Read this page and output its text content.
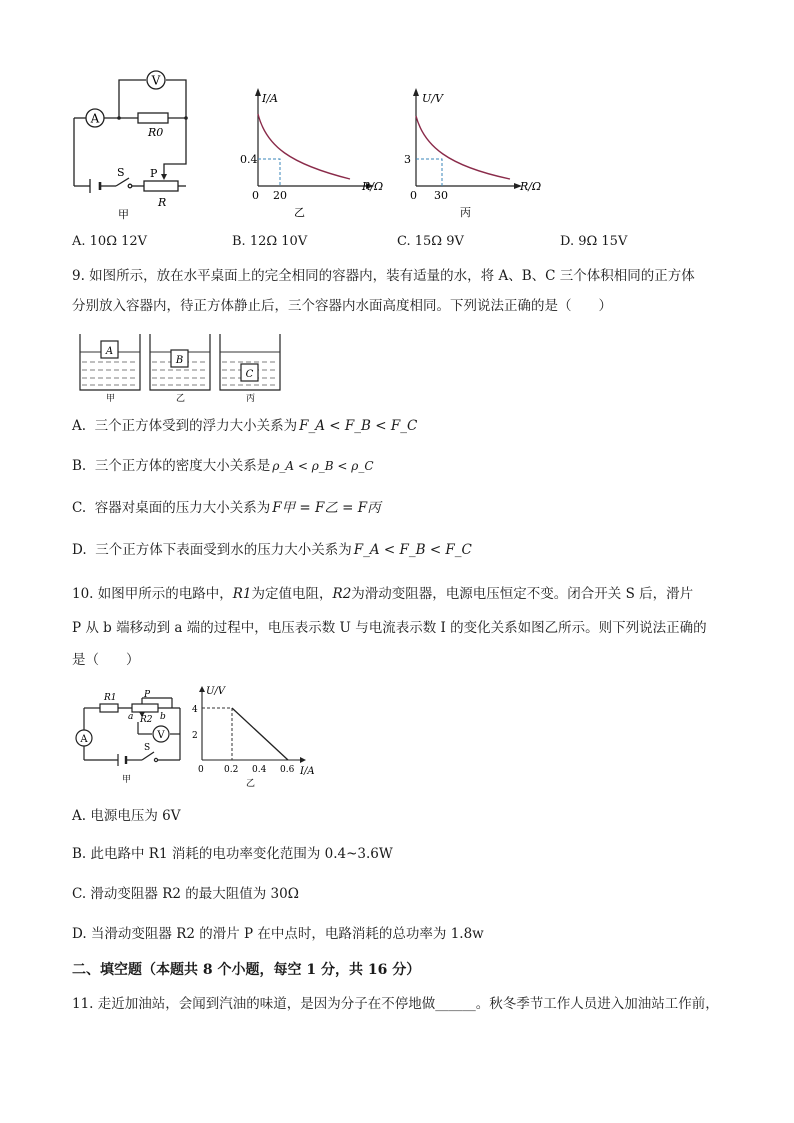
V
A
R0
S P
R
甲
I/A
R/Ω
0.4
0 20
乙
U/V
R/Ω
3
0 30
丙
A. 10Ω 12V	B. 12Ω 10V	C. 15Ω 9V	D. 9Ω 15V
9. 如图所示，放在水平桌面上的完全相同的容器内，装有适量的水，将 A、B、C 三个体积相同的正方体
分别放入容器内，待正方体静止后，三个容器内水面高度相同。下列说法正确的是（　　）
A
B
C
甲	乙	丙
A. 三个正方体受到的浮力大小关系为 F_A < F_B < F_C
B. 三个正方体的密度大小关系是 ρ_A < ρ_B < ρ_C
C. 容器对桌面的压力大小关系为 F甲 = F乙 = F丙
D. 三个正方体下表面受到水的压力大小关系为 F_A < F_B < F_C
10. 如图甲所示的电路中，R1为定值电阻，R2为滑动变阻器，电源电压恒定不变。闭合开关 S 后，滑片
P 从 b 端移动到 a 端的过程中，电压表示数 U 与电流表示数 I 的变化关系如图乙所示。则下列说法正确的
是（　　）
R1	P
R2
a	b
A	V
S
甲
U/V
I/A
4
2
0 0.2 0.4 0.6
乙
A. 电源电压为 6V
B. 此电路中 R1 消耗的电功率变化范围为 0.4~3.6W
C. 滑动变阻器 R2 的最大阻值为 30Ω
D. 当滑动变阻器 R2 的滑片 P 在中点时，电路消耗的总功率为 1.8w
二、填空题（本题共 8 个小题，每空 1 分，共 16 分）
11. 走近加油站，会闻到汽油的味道，是因为分子在不停地做______。秋冬季节工作人员进入加油站工作前，
